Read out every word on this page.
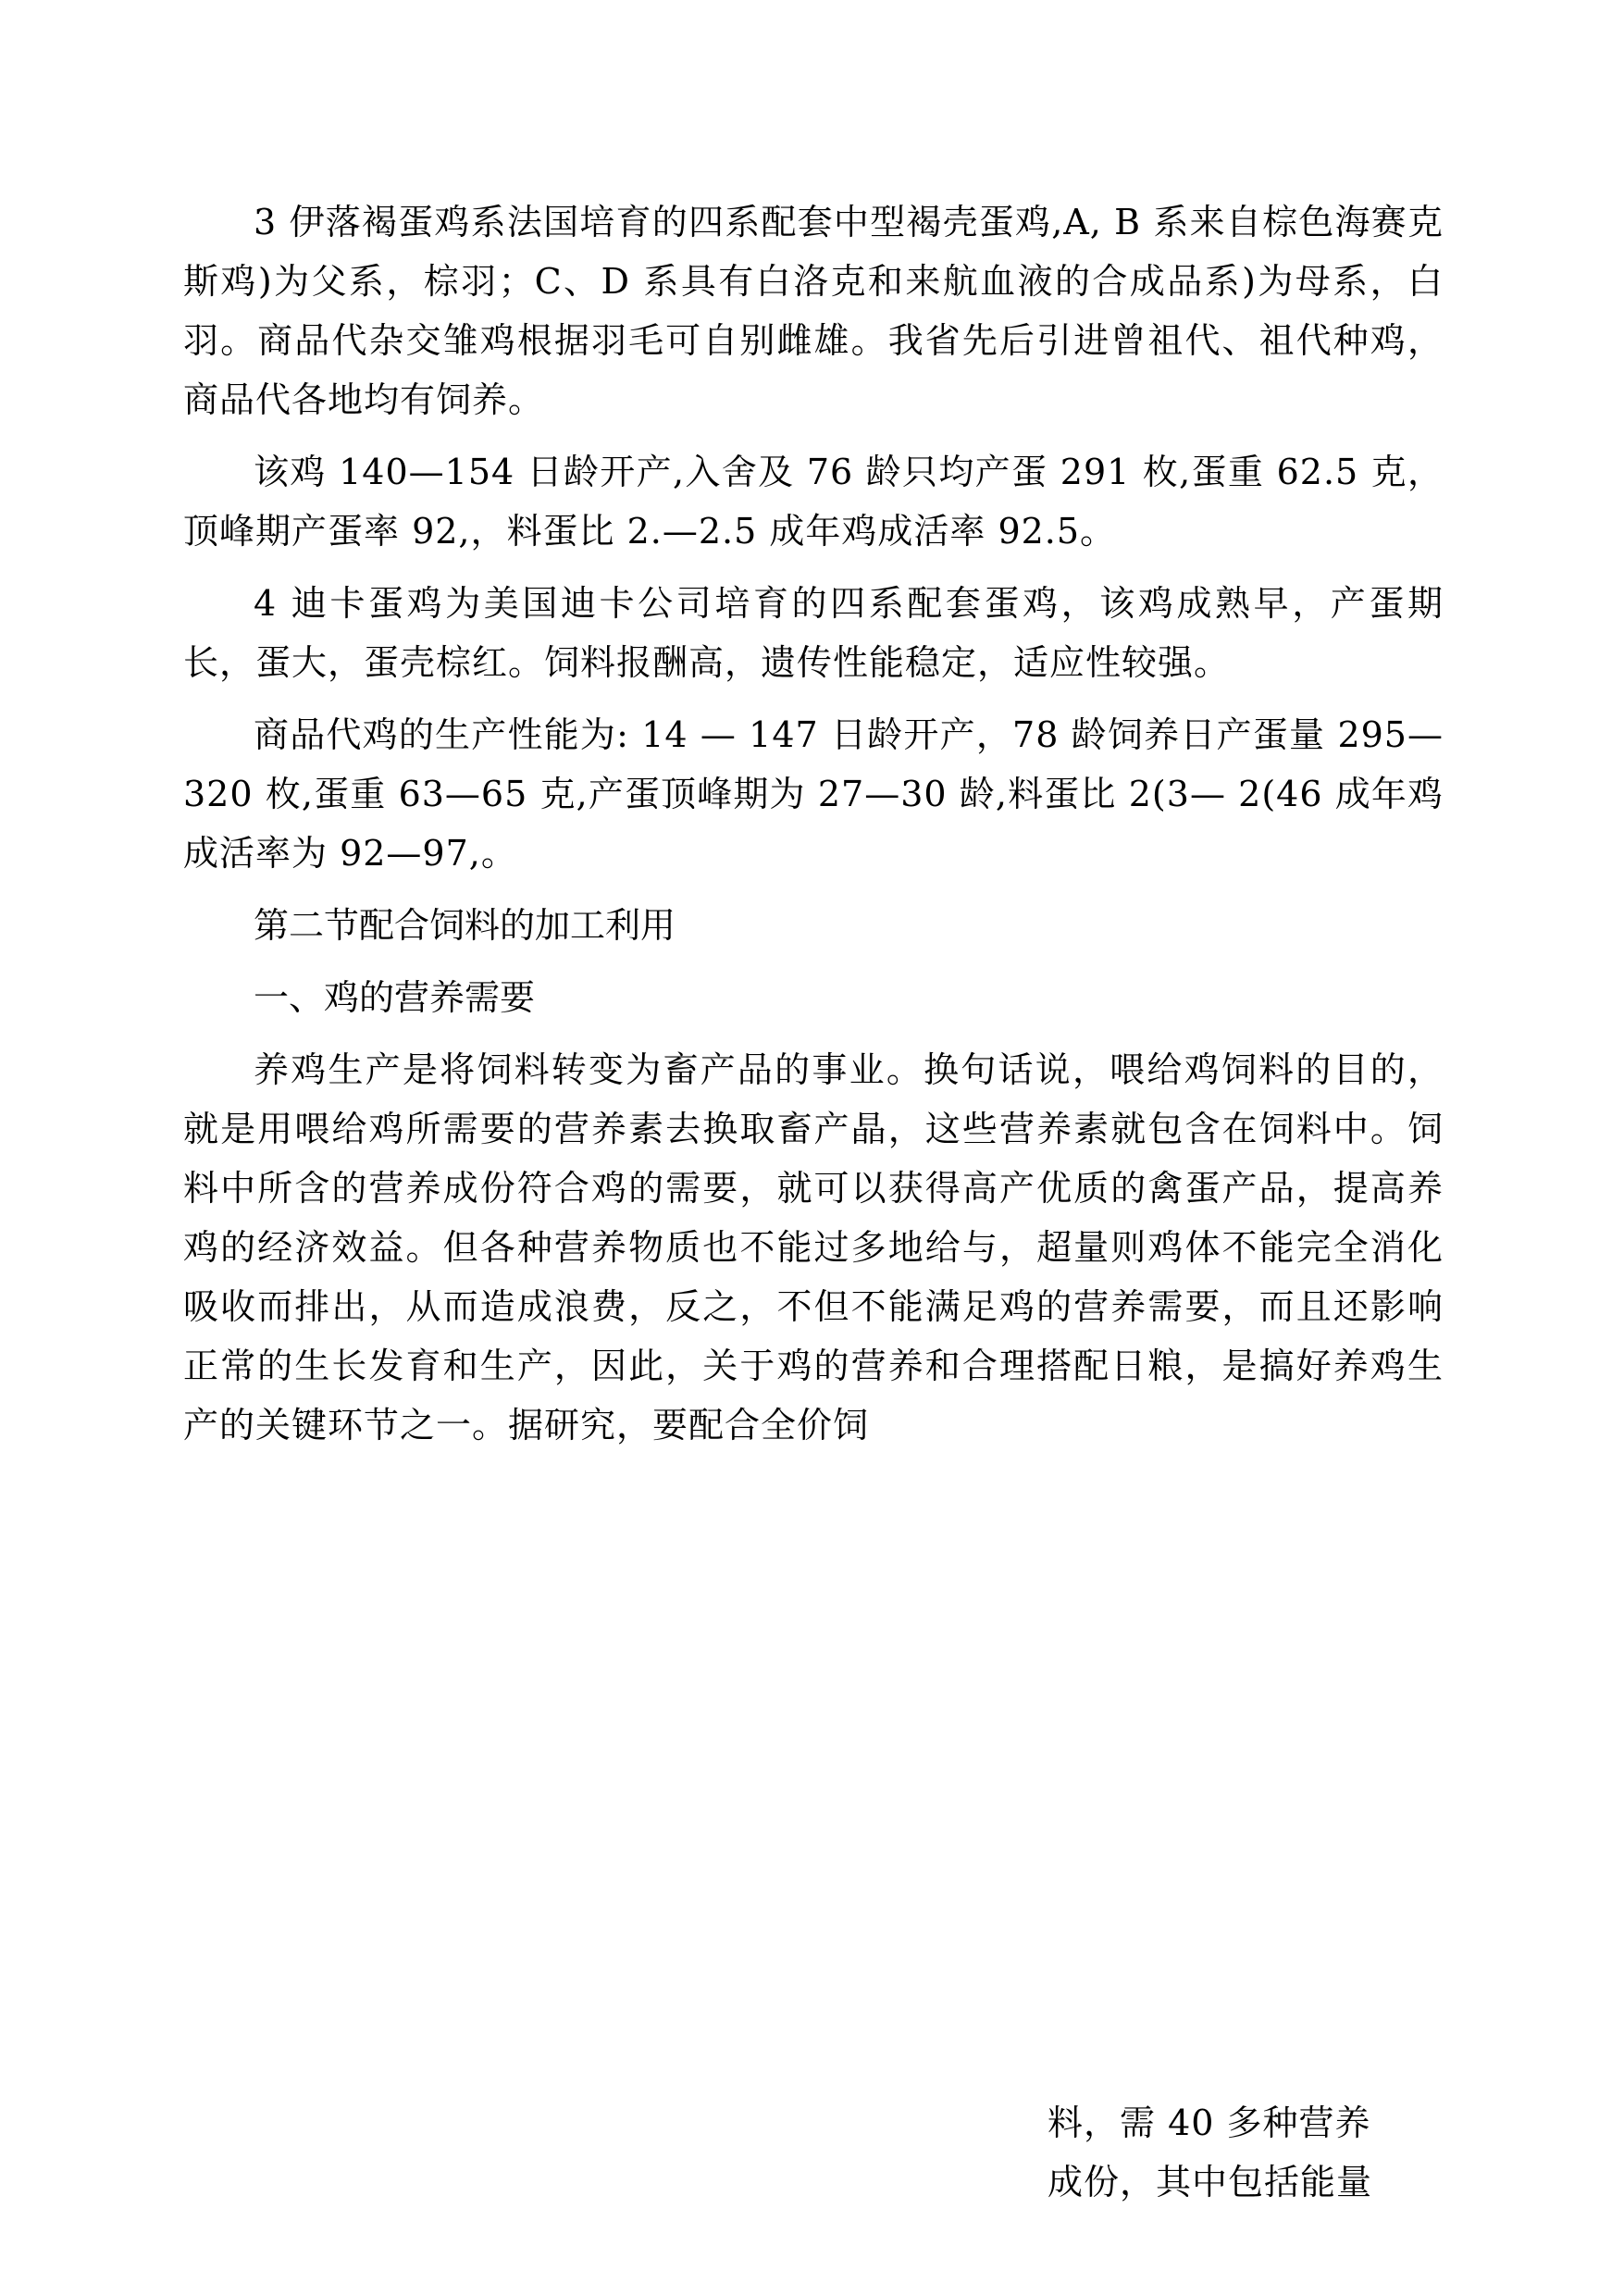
3 伊落褐蛋鸡系法国培育的四系配套中型褐壳蛋鸡,A, B 系来自棕色海赛克斯鸡)为父系，棕羽；C、D 系具有白洛克和来航血液的合成品系)为母系，白羽。商品代杂交雏鸡根据羽毛可自别雌雄。我省先后引进曾祖代、祖代种鸡，商品代各地均有饲养。

该鸡 140—154 日龄开产,入舍及 76 龄只均产蛋 291 枚,蛋重 62.5 克，顶峰期产蛋率 92,，料蛋比 2.—2.5 成年鸡成活率 92.5。

4 迪卡蛋鸡为美国迪卡公司培育的四系配套蛋鸡，该鸡成熟早，产蛋期长，蛋大，蛋壳棕红。饲料报酬高，遗传性能稳定，适应性较强。

商品代鸡的生产性能为: 14 — 147 日龄开产，78 龄饲养日产蛋量 295—320 枚,蛋重 63—65 克,产蛋顶峰期为 27—30 龄,料蛋比 2(3— 2(46 成年鸡成活率为 92—97,。

第二节配合饲料的加工利用

一、鸡的营养需要

养鸡生产是将饲料转变为畜产品的事业。换句话说，喂给鸡饲料的目的，就是用喂给鸡所需要的营养素去换取畜产晶，这些营养素就包含在饲料中。饲料中所含的营养成份符合鸡的需要，就可以获得高产优质的禽蛋产品，提高养鸡的经济效益。但各种营养物质也不能过多地给与，超量则鸡体不能完全消化吸收而排出，从而造成浪费，反之，不但不能满足鸡的营养需要，而且还影响正常的生长发育和生产，因此，关于鸡的营养和合理搭配日粮，是搞好养鸡生产的关键环节之一。据研究，要配合全价饲

料，需 40 多种营养

成份，其中包括能量
